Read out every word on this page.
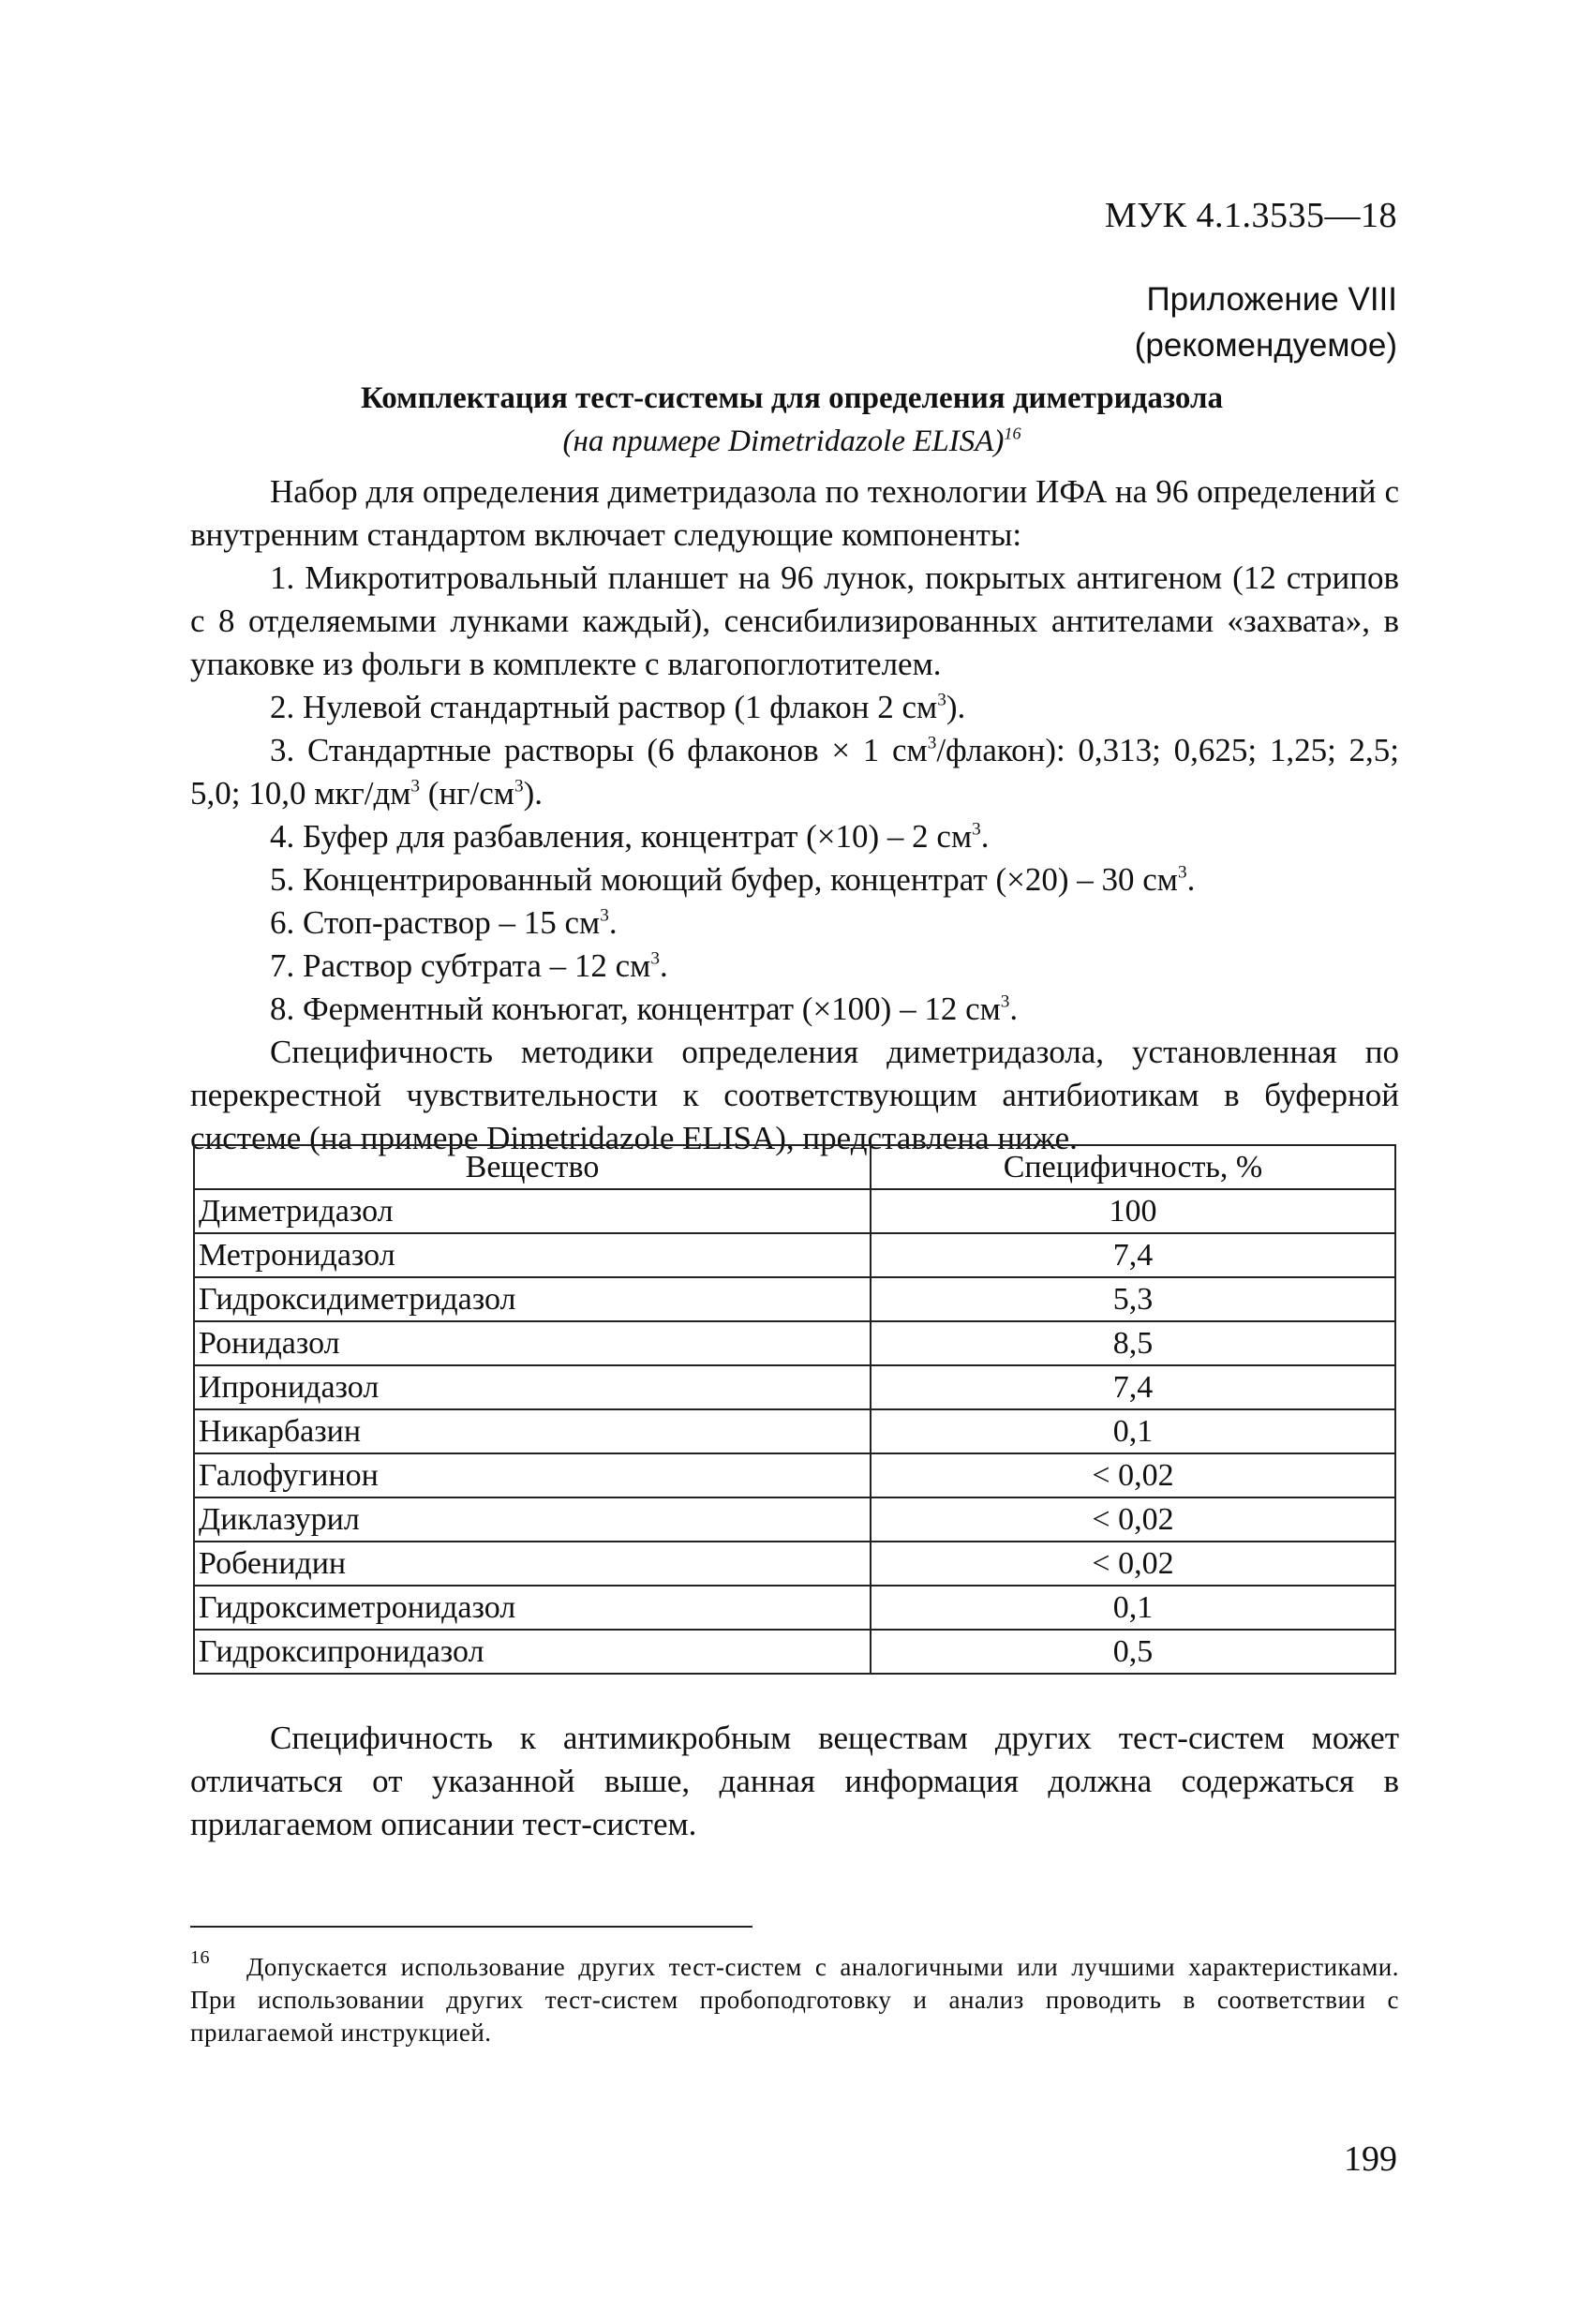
МУК 4.1.3535—18
Приложение VIII
(рекомендуемое)
Комплектация тест-системы для определения диметридазола
(на примере Dimetridazole ELISA)$^{16}$

Набор для определения диметридазола по технологии ИФА на 96 определений с внутренним стандартом включает следующие компоненты:

1. Микротитровальный планшет на 96 лунок, покрытых антигеном (12 стрипов с 8 отделяемыми лунками каждый), сенсибилизированных антителами «захвата», в упаковке из фольги в комплекте с влагопоглотителем.

2. Нулевой стандартный раствор (1 флакон 2 $см^3$).

3. Стандартные растворы (6 флаконов × 1 $см^3/флакон$): 0,313; 0,625; 1,25; 2,5; 5,0; 10,0 мкг/$дм^3$ $(нг/см^3)$.

4. Буфер для разбавления, концентрат (×10) – 2 $см^3$.

5. Концентрированный моющий буфер, концентрат (×20) – 30 $см^3$.

6. Стоп-раствор – 15 $см^3$.

7. Раствор субтрата – 12 $см^3$.

8. Ферментный конъюгат, концентрат (×100) – 12 $см^3$.

Специфичность методики определения диметридазола, установленная по перекрестной чувствительности к соответствующим антибиотикам в буферной системе (на примере Dimetridazole ELISA), представлена ниже.

Вещество	Специфичность, %
Диметридазол	100
Метронидазол	7,4
Гидроксидиметридазол	5,3
Ронидазол	8,5
Ипронидазол	7,4
Никарбазин	0,1
Галофугинон	< 0,02
Диклазурил	< 0,02
Робенидин	< 0,02
Гидроксиметронидазол	0,1
Гидроксипронидазол	0,5

Специфичность к антимикробным веществам других тест-систем может отличаться от указанной выше, данная информация должна содержаться в прилагаемом описании тест-систем.

16	Допускается использование других тест-систем с аналогичными или лучшими характеристиками. При использовании других тест-систем пробоподготовку и анализ проводить в соответствии с прилагаемой инструкцией.

199
